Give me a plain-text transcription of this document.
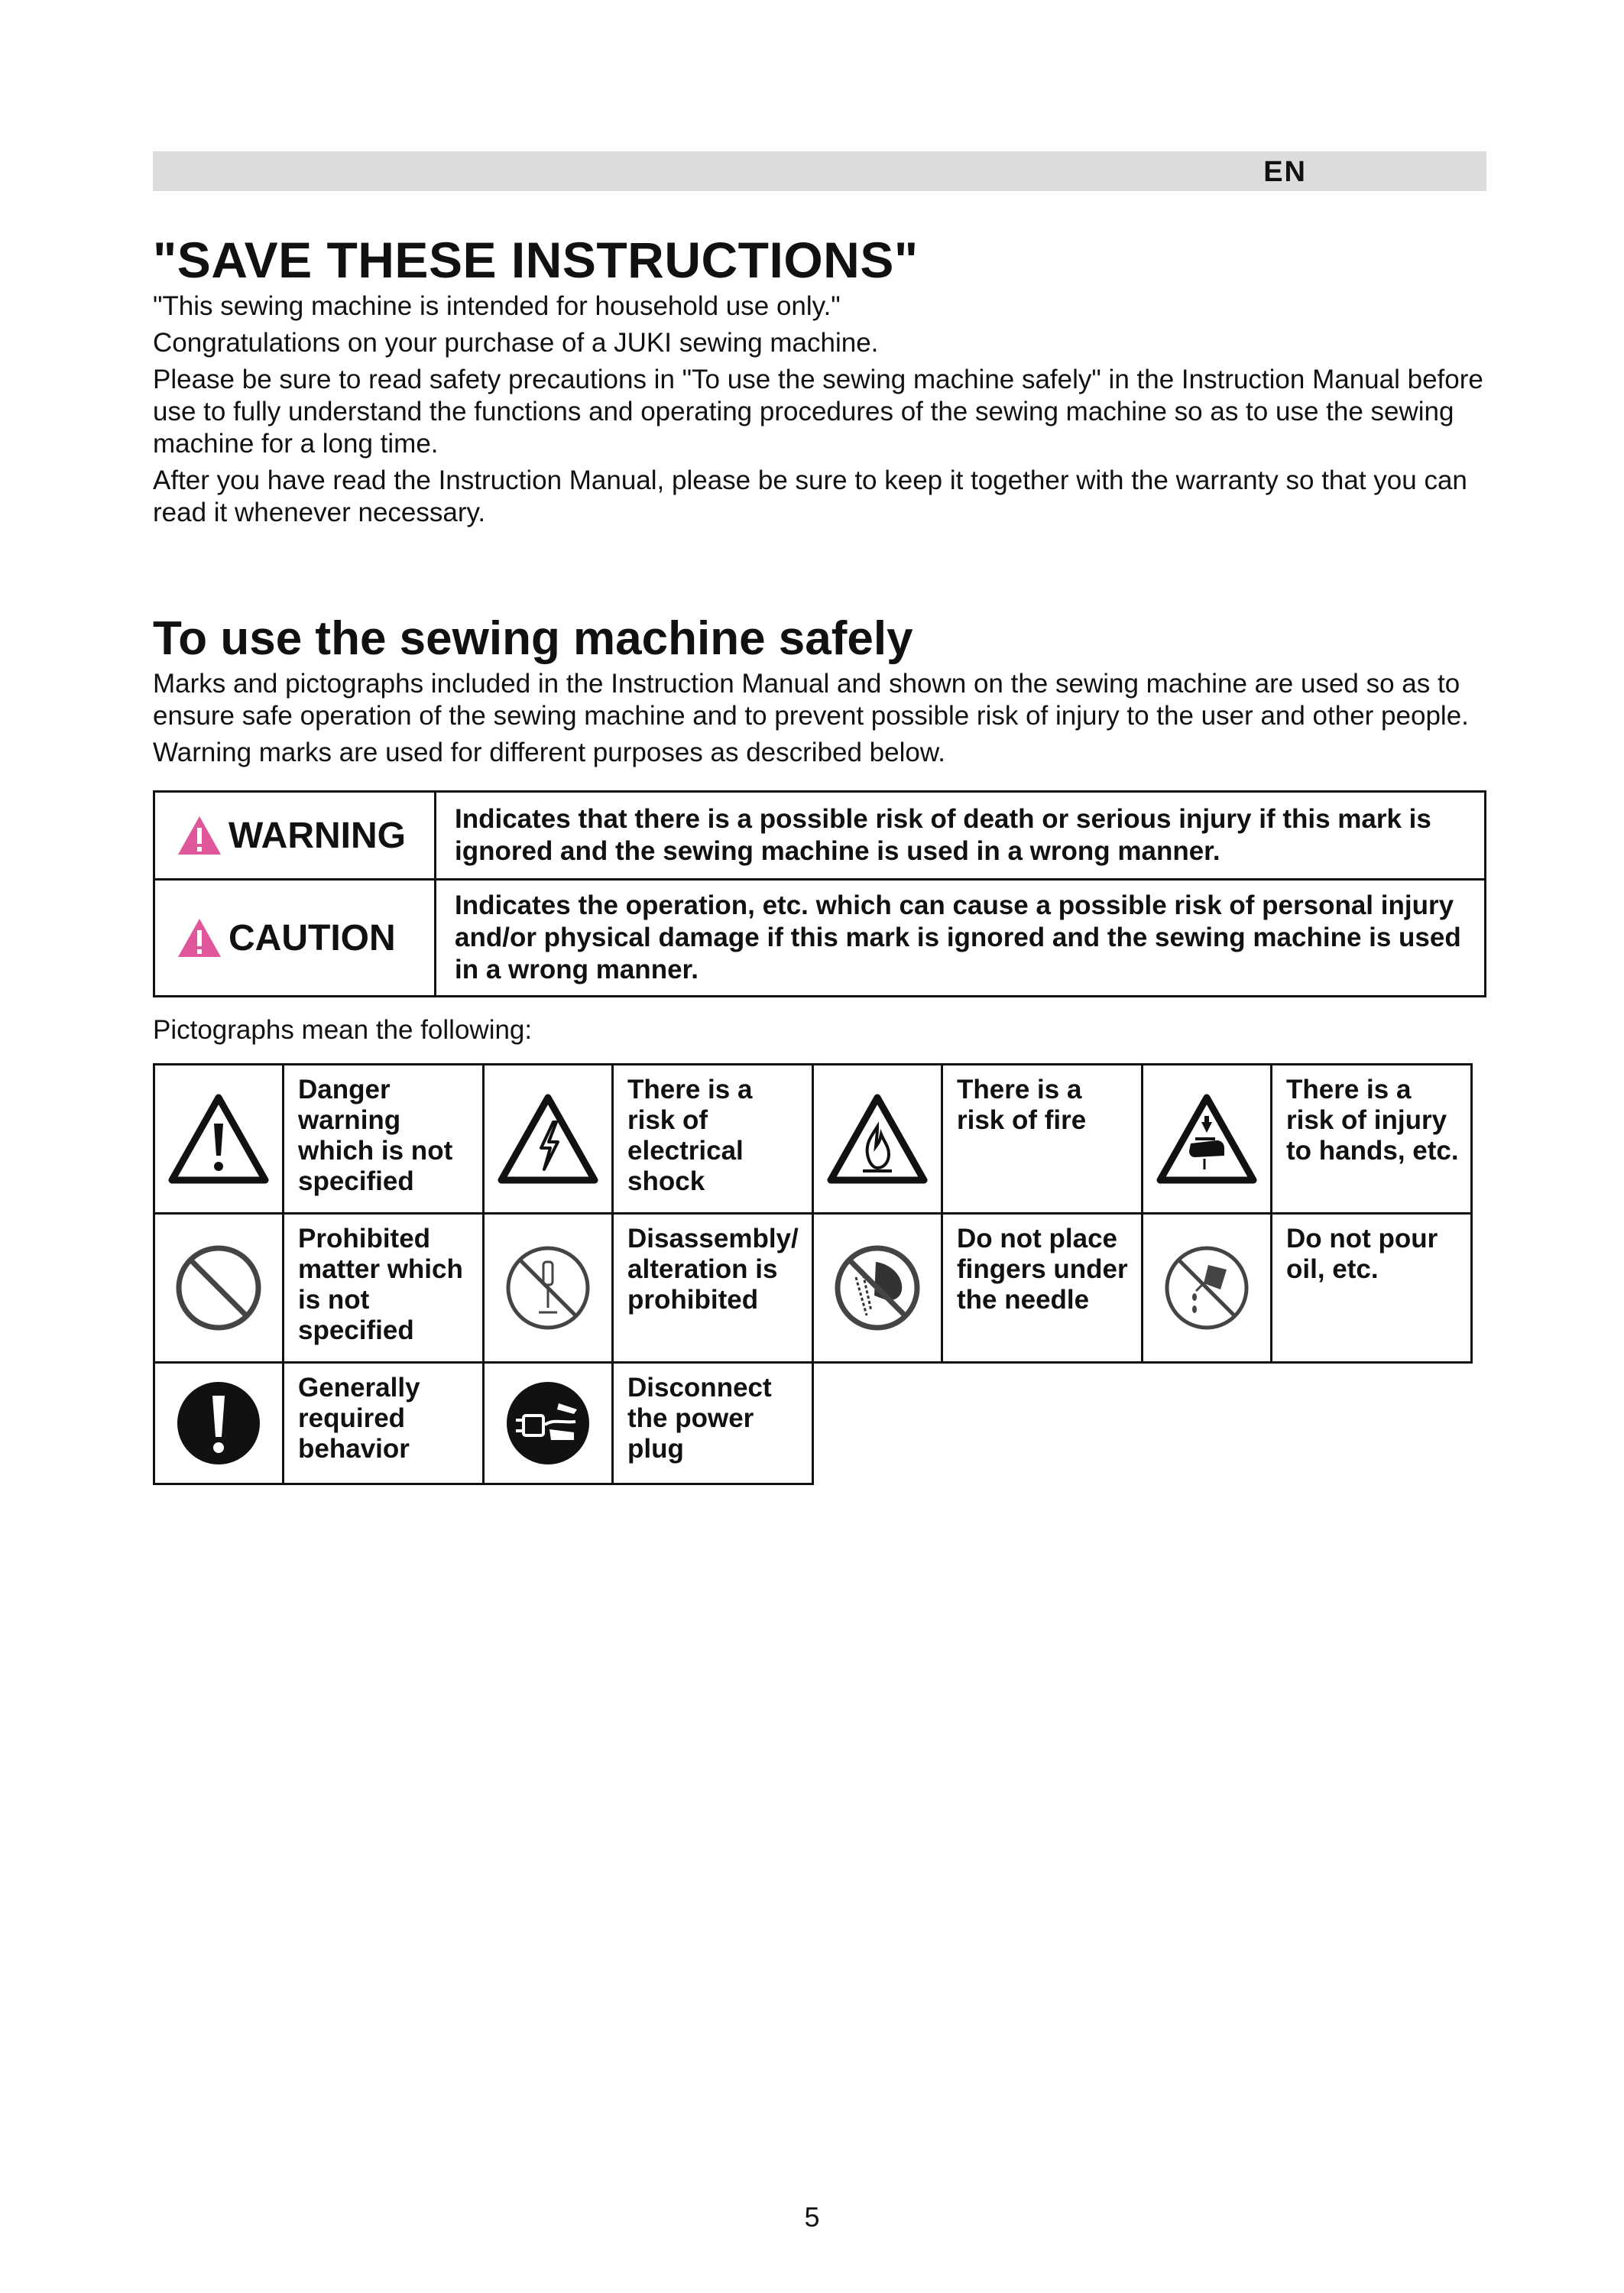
EN
"SAVE THESE INSTRUCTIONS"

"This sewing machine is intended for household use only."

Congratulations on your purchase of a JUKI sewing machine.

Please be sure to read safety precautions in "To use the sewing machine safely" in the Instruction Manual before use to fully understand the functions and operating procedures of the sewing machine so as to use the sewing machine for a long time.

After you have read the Instruction Manual, please be sure to keep it together with the warranty so that you can read it whenever necessary.

To use the sewing machine safely

Marks and pictographs included in the Instruction Manual and shown on the sewing machine are used so as to ensure safe operation of the sewing machine and to prevent possible risk of injury to the user and other people.

Warning marks are used for different purposes as described below.

WARNING	Indicates that there is a possible risk of death or serious injury if this mark is ignored and the sewing machine is used in a wrong manner.

CAUTION	Indicates the operation, etc. which can cause a possible risk of personal injury and/or physical damage if this mark is ignored and the sewing machine is used in a wrong manner.
Pictographs mean the following:
	Danger warning which is not specified		There is a risk of electrical shock		There is a risk of fire		There is a risk of injury to hands, etc.
	Prohibited matter which is not specified		Disassembly/ alteration is prohibited		Do not place fingers under the needle		Do not pour oil, etc.
	Generally required behavior		Disconnect the power plug				
5
